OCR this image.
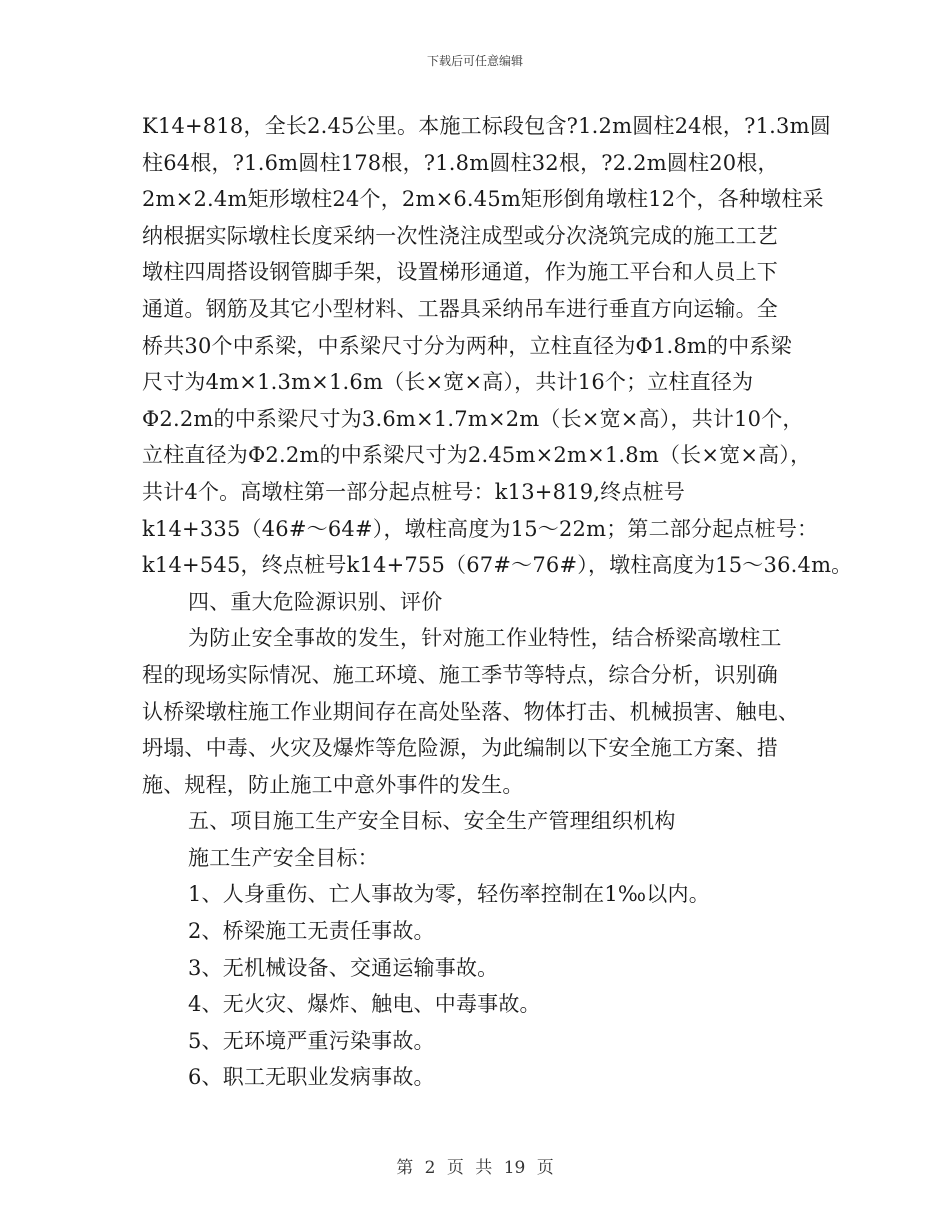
下载后可任意编辑

K14+818，全长2.45公里。本施工标段包含?1.2m圆柱24根，?1.3m圆

柱64根，?1.6m圆柱178根，?1.8m圆柱32根，?2.2m圆柱20根，

2m×2.4m矩形墩柱24个，2m×6.45m矩形倒角墩柱12个，各种墩柱采

纳根据实际墩柱长度采纳一次性浇注成型或分次浇筑完成的施工工艺

墩柱四周搭设钢管脚手架，设置梯形通道，作为施工平台和人员上下

通道。钢筋及其它小型材料、工器具采纳吊车进行垂直方向运输。全

桥共30个中系梁，中系梁尺寸分为两种，立柱直径为Φ1.8m的中系梁

尺寸为4m×1.3m×1.6m（长×宽×高），共计16个；立柱直径为

Φ2.2m的中系梁尺寸为3.6m×1.7m×2m（长×宽×高），共计10个，

立柱直径为Φ2.2m的中系梁尺寸为2.45m×2m×1.8m（长×宽×高），

共计4个。高墩柱第一部分起点桩号：k13+819,终点桩号

k14+335（46#～64#），墩柱高度为15～22m；第二部分起点桩号：

k14+545，终点桩号k14+755（67#～76#），墩柱高度为15～36.4m。

四、重大危险源识别、评价

为防止安全事故的发生，针对施工作业特性，结合桥梁高墩柱工

程的现场实际情况、施工环境、施工季节等特点，综合分析，识别确

认桥梁墩柱施工作业期间存在高处坠落、物体打击、机械损害、触电、

坍塌、中毒、火灾及爆炸等危险源，为此编制以下安全施工方案、措

施、规程，防止施工中意外事件的发生。

五、项目施工生产安全目标、安全生产管理组织机构

施工生产安全目标：

1、人身重伤、亡人事故为零，轻伤率控制在1‰以内。

2、桥梁施工无责任事故。

3、无机械设备、交通运输事故。

4、无火灾、爆炸、触电、中毒事故。

5、无环境严重污染事故。

6、职工无职业发病事故。

第 2 页 共 19 页
